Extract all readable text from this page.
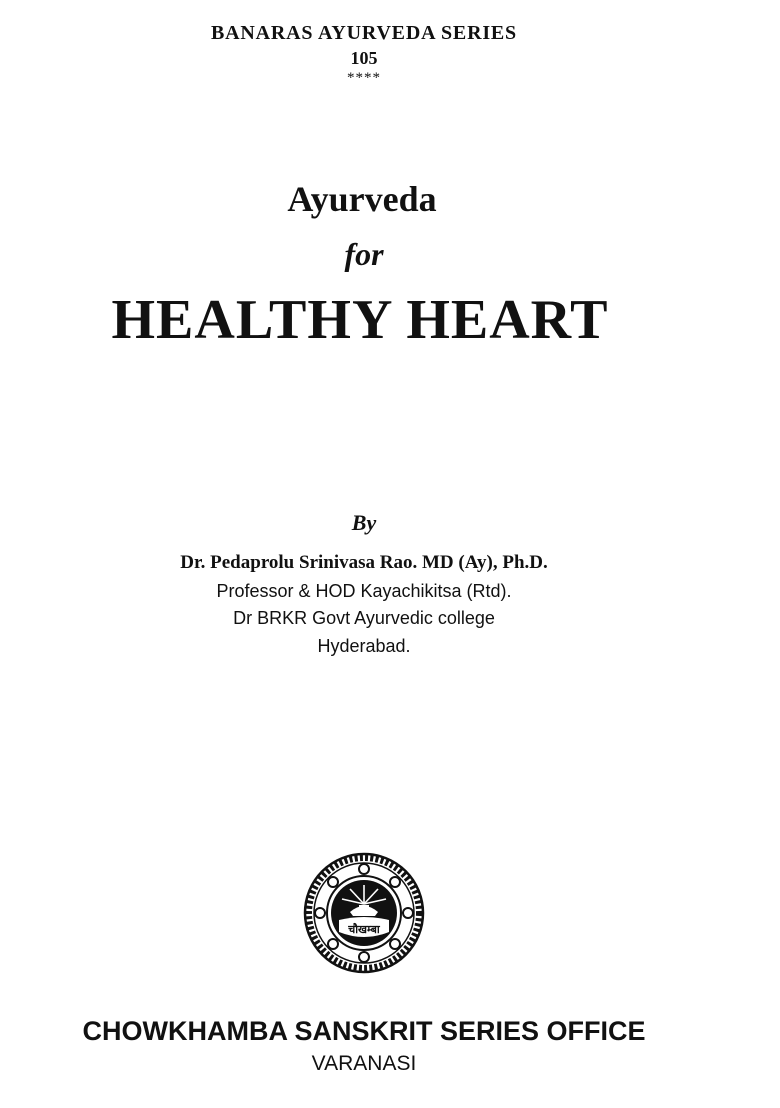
BANARAS AYURVEDA SERIES
105
****
Ayurveda
for
HEALTHY HEART
By
Dr. Pedaprolu Srinivasa Rao. MD (Ay), Ph.D.
Professor & HOD Kayachikitsa (Rtd).
Dr BRKR Govt Ayurvedic college
Hyderabad.
चौखम्बा
CHOWKHAMBA SANSKRIT SERIES OFFICE
VARANASI
